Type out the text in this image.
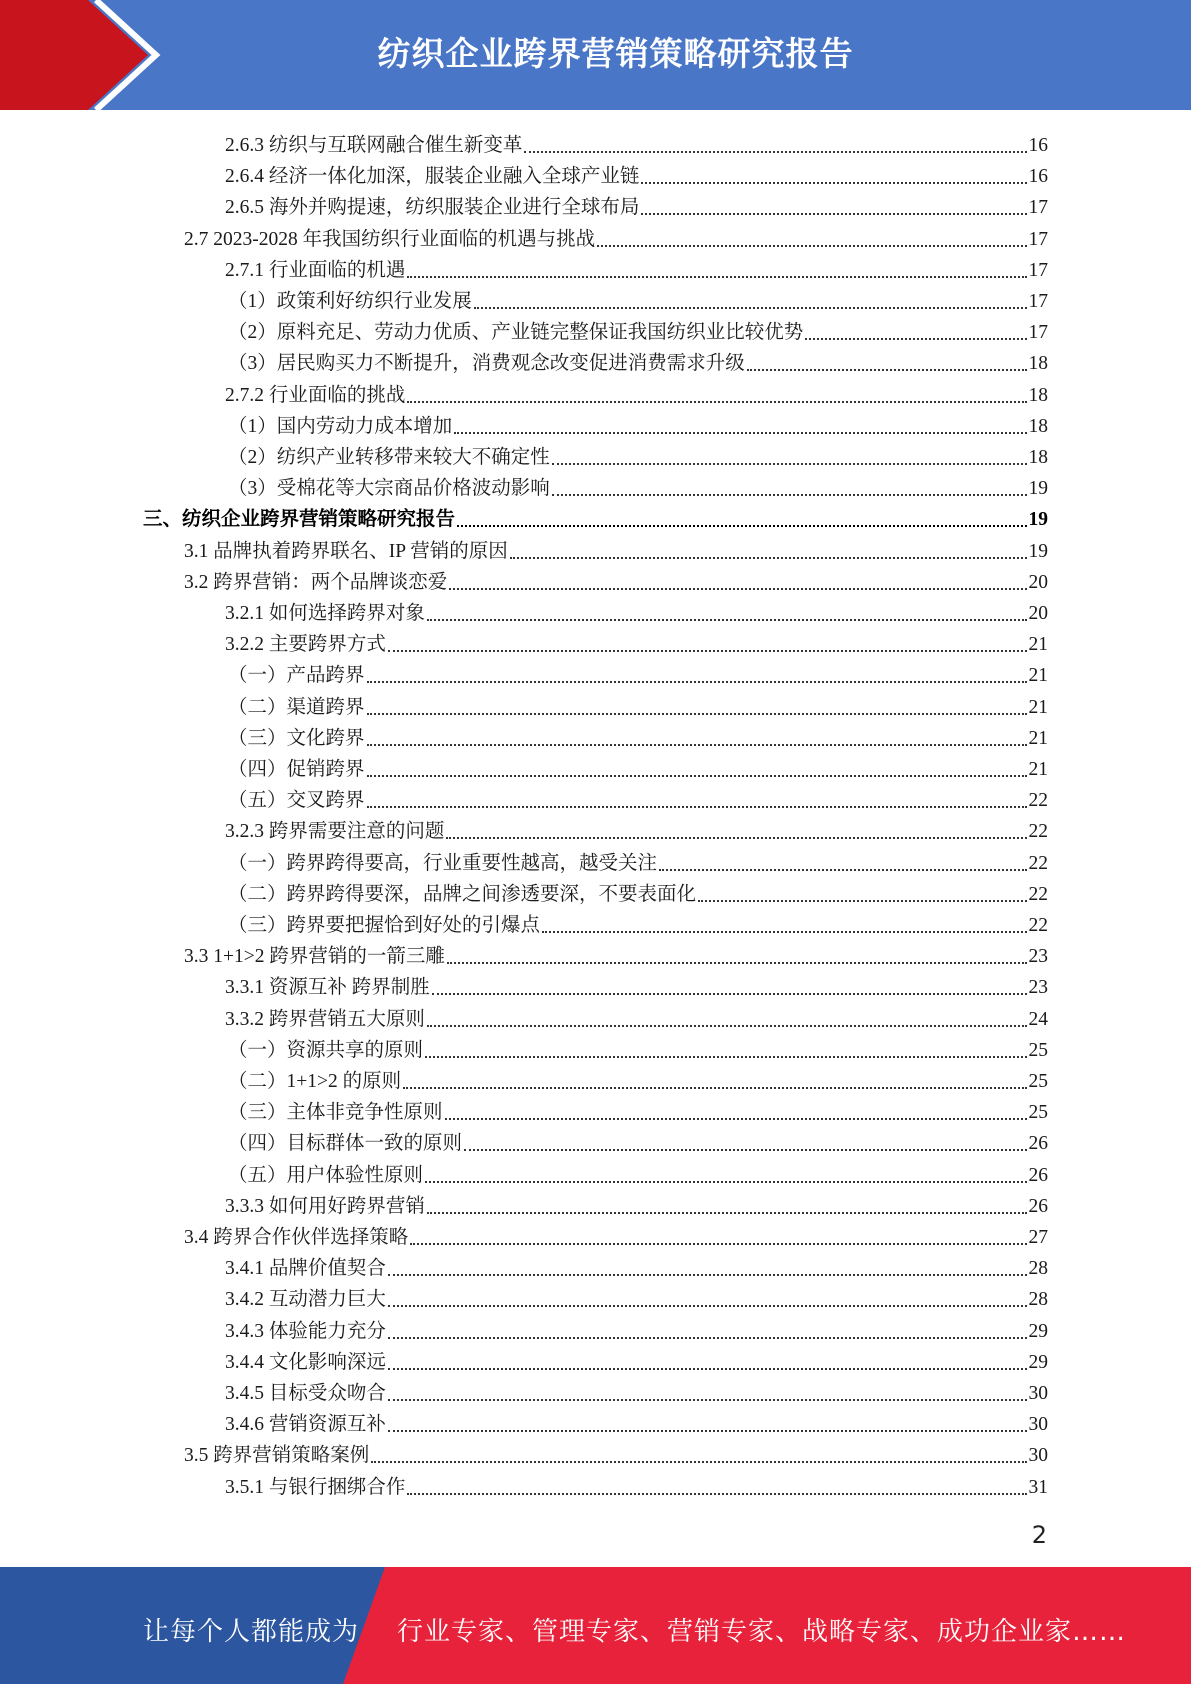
纺织企业跨界营销策略研究报告
2.6.3 纺织与互联网融合催生新变革	16
2.6.4 经济一体化加深，服装企业融入全球产业链	16
2.6.5 海外并购提速，纺织服装企业进行全球布局	17
2.7 2023-2028 年我国纺织行业面临的机遇与挑战	17
2.7.1 行业面临的机遇	17
（1）政策利好纺织行业发展	17
（2）原料充足、劳动力优质、产业链完整保证我国纺织业比较优势	17
（3）居民购买力不断提升，消费观念改变促进消费需求升级	18
2.7.2 行业面临的挑战	18
（1）国内劳动力成本增加	18
（2）纺织产业转移带来较大不确定性	18
（3）受棉花等大宗商品价格波动影响	19
三、纺织企业跨界营销策略研究报告	19
3.1 品牌执着跨界联名、IP 营销的原因	19
3.2 跨界营销：两个品牌谈恋爱	20
3.2.1 如何选择跨界对象	20
3.2.2 主要跨界方式	21
（一）产品跨界	21
（二）渠道跨界	21
（三）文化跨界	21
（四）促销跨界	21
（五）交叉跨界	22
3.2.3 跨界需要注意的问题	22
（一）跨界跨得要高，行业重要性越高，越受关注	22
（二）跨界跨得要深，品牌之间渗透要深，不要表面化	22
（三）跨界要把握恰到好处的引爆点	22
3.3 1+1>2 跨界营销的一箭三雕	23
3.3.1 资源互补 跨界制胜	23
3.3.2 跨界营销五大原则	24
（一）资源共享的原则	25
（二）1+1>2 的原则	25
（三）主体非竞争性原则	25
（四）目标群体一致的原则	26
（五）用户体验性原则	26
3.3.3 如何用好跨界营销	26
3.4 跨界合作伙伴选择策略	27
3.4.1 品牌价值契合	28
3.4.2 互动潜力巨大	28
3.4.3 体验能力充分	29
3.4.4 文化影响深远	29
3.4.5 目标受众吻合	30
3.4.6 营销资源互补	30
3.5 跨界营销策略案例	30
3.5.1 与银行捆绑合作	31
2
让每个人都能成为 行业专家、管理专家、营销专家、战略专家、成功企业家……
